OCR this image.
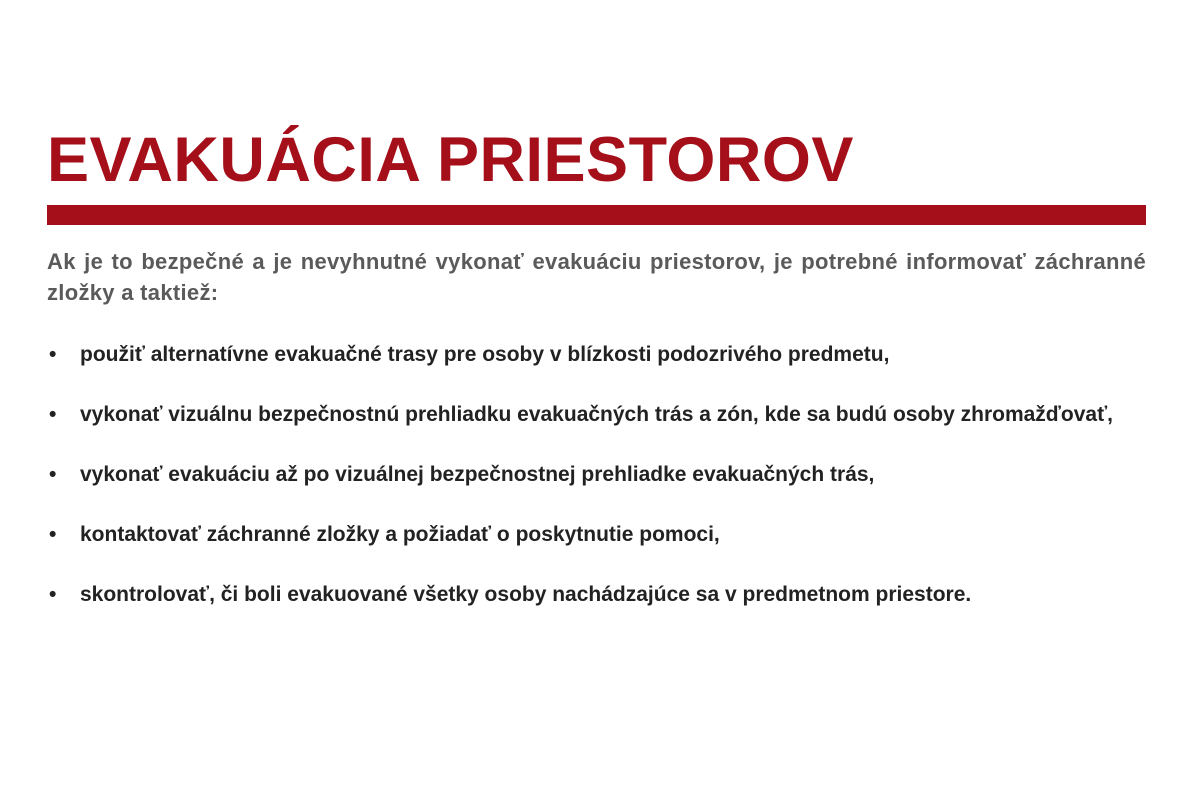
EVAKUÁCIA PRIESTOROV

Ak je to bezpečné a je nevyhnutné vykonať evakuáciu priestorov, je potrebné informovať záchranné zložky a taktiež:

• použiť alternatívne evakuačné trasy pre osoby v blízkosti podozrivého predmetu,
• vykonať vizuálnu bezpečnostnú prehliadku evakuačných trás a zón, kde sa budú osoby zhromažďovať,
• vykonať evakuáciu až po vizuálnej bezpečnostnej prehliadke evakuačných trás,
• kontaktovať záchranné zložky a požiadať o poskytnutie pomoci,
• skontrolovať, či boli evakuované všetky osoby nachádzajúce sa v predmetnom priestore.
